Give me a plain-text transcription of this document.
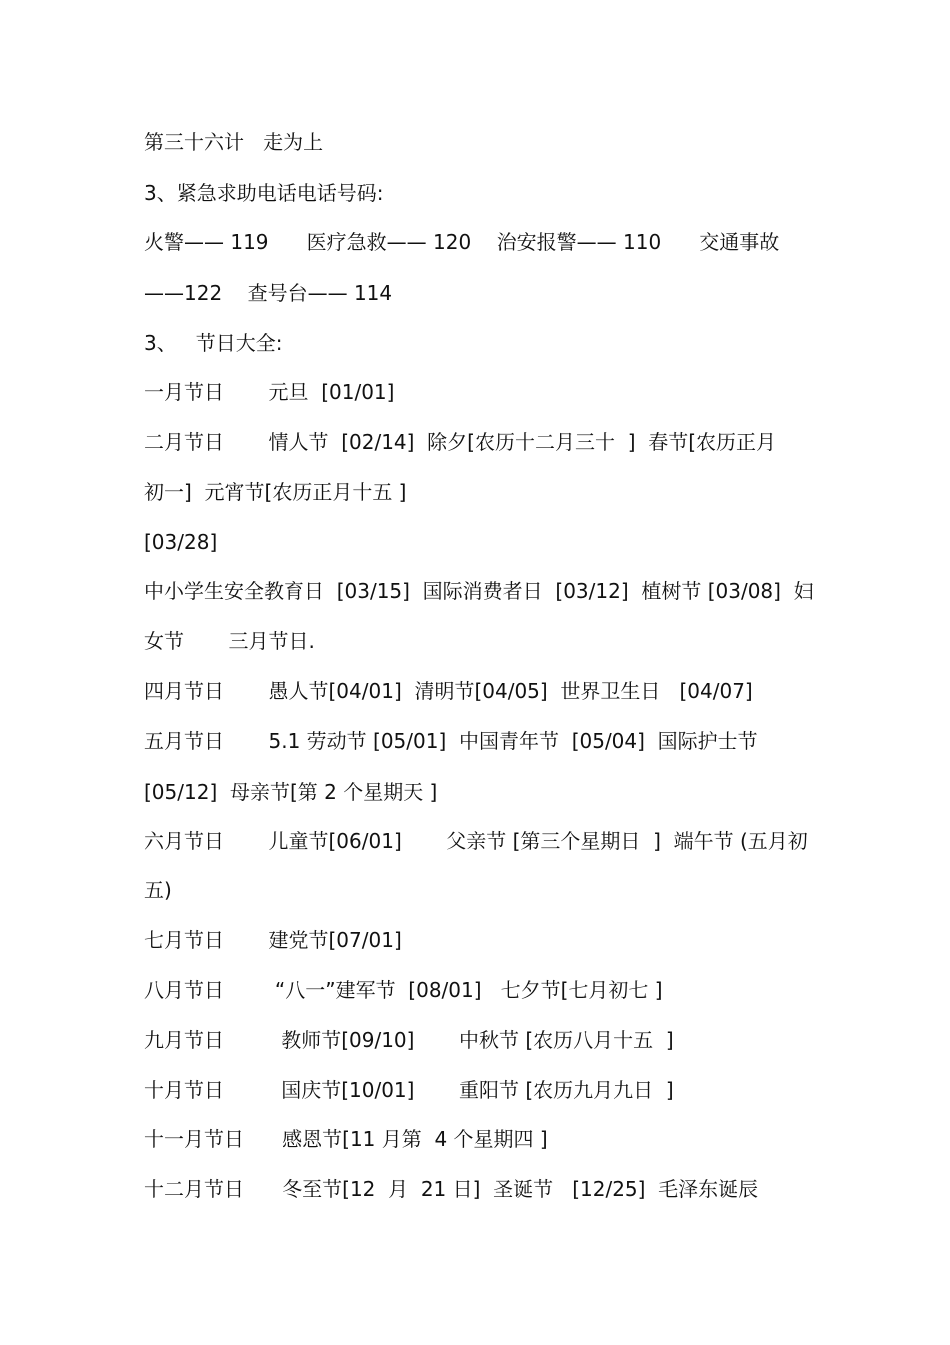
第三十六计   走为上
3、紧急求助电话电话号码:
火警—— 119      医疗急救—— 120    治安报警—— 110      交通事故
——122    查号台—— 114
3、   节日大全:
一月节日       元旦  [01/01]
二月节日       情人节  [02/14]  除夕[农历十二月三十  ]  春节[农历正月
初一]  元宵节[农历正月十五 ]
[03/28]
中小学生安全教育日  [03/15]  国际消费者日  [03/12]  植树节 [03/08]  妇
女节       三月节日.
四月节日       愚人节[04/01]  清明节[04/05]  世界卫生日   [04/07]
五月节日       5.1 劳动节 [05/01]  中国青年节  [05/04]  国际护士节
[05/12]  母亲节[第 2 个星期天 ]
六月节日       儿童节[06/01]       父亲节 [第三个星期日  ]  端午节 (五月初
五)
七月节日       建党节[07/01]
八月节日        “八一”建军节  [08/01]   七夕节[七月初七 ]
九月节日         教师节[09/10]       中秋节 [农历八月十五  ]
十月节日         国庆节[10/01]       重阳节 [农历九月九日  ]
十一月节日      感恩节[11 月第  4 个星期四 ]
十二月节日      冬至节[12  月  21 日]  圣诞节   [12/25]  毛泽东诞辰
